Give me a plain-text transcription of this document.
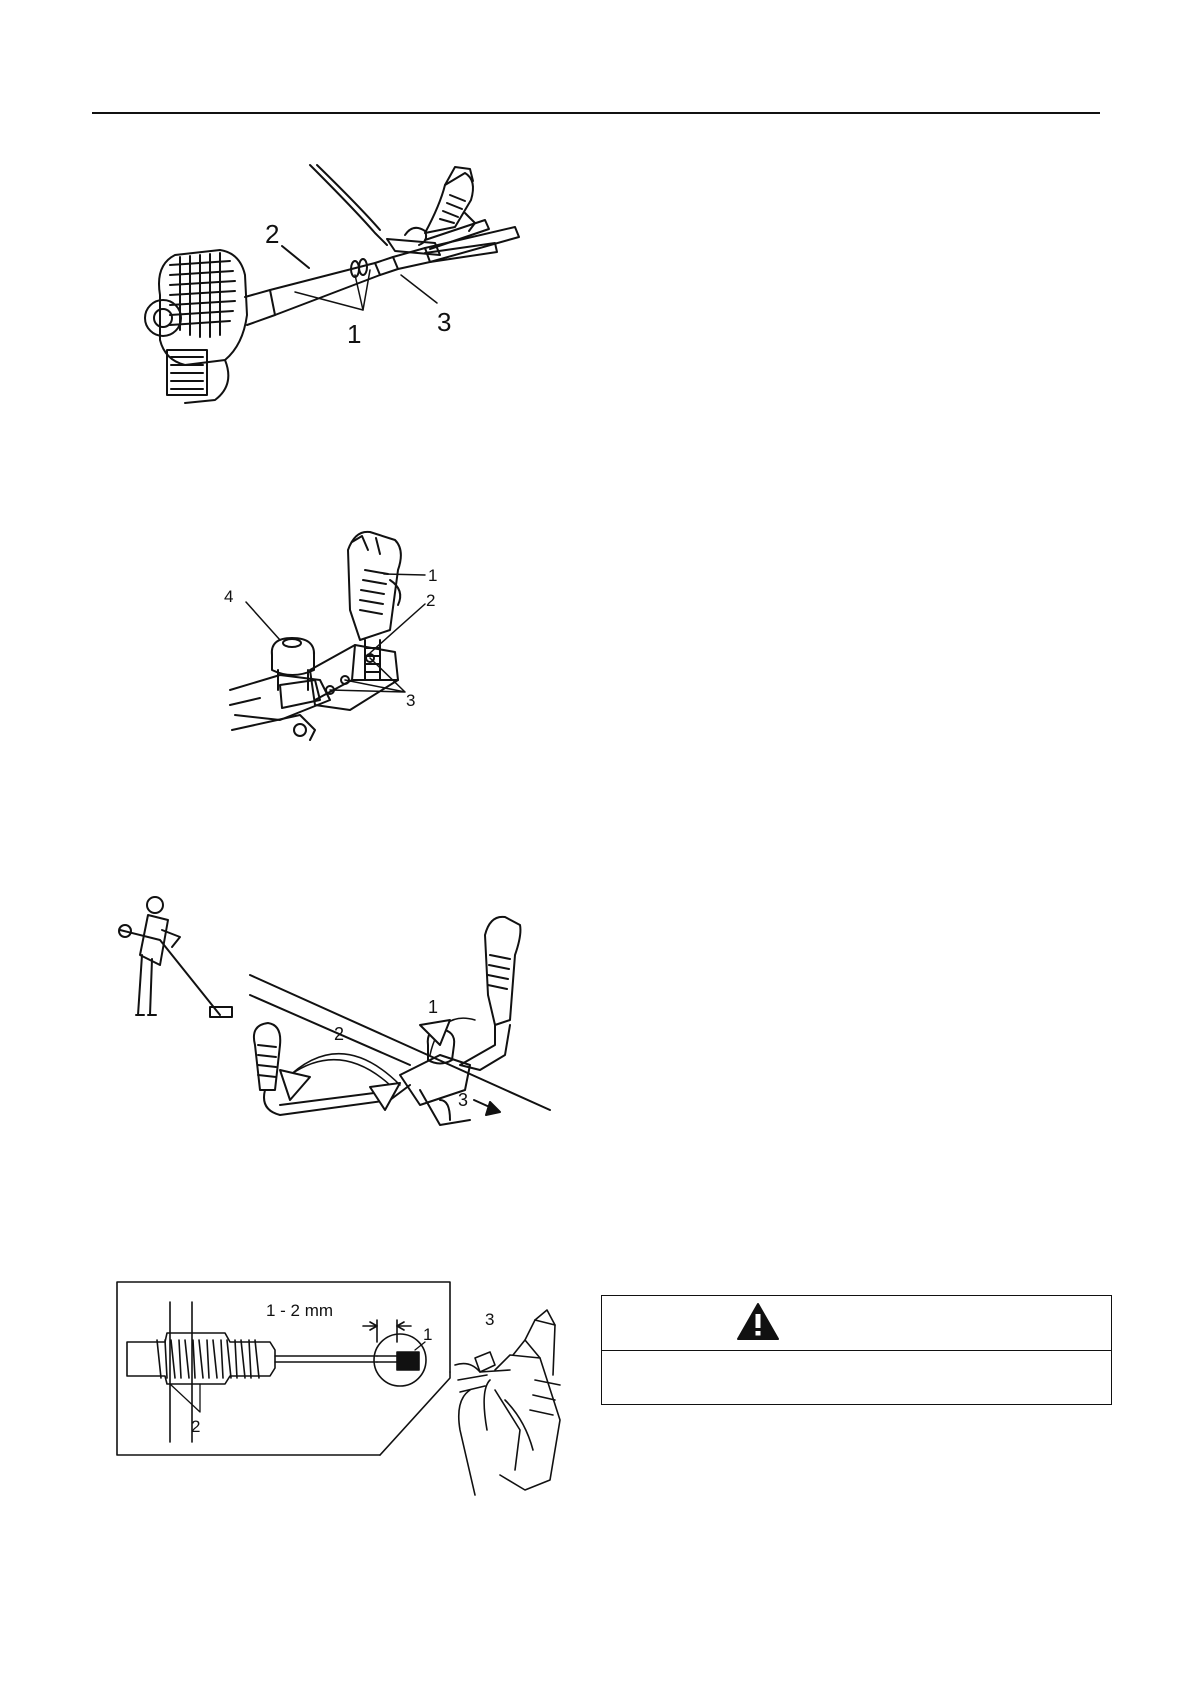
2
1	3
1
2
3
4
1
2
3
1 - 2 mm
1
2
3
